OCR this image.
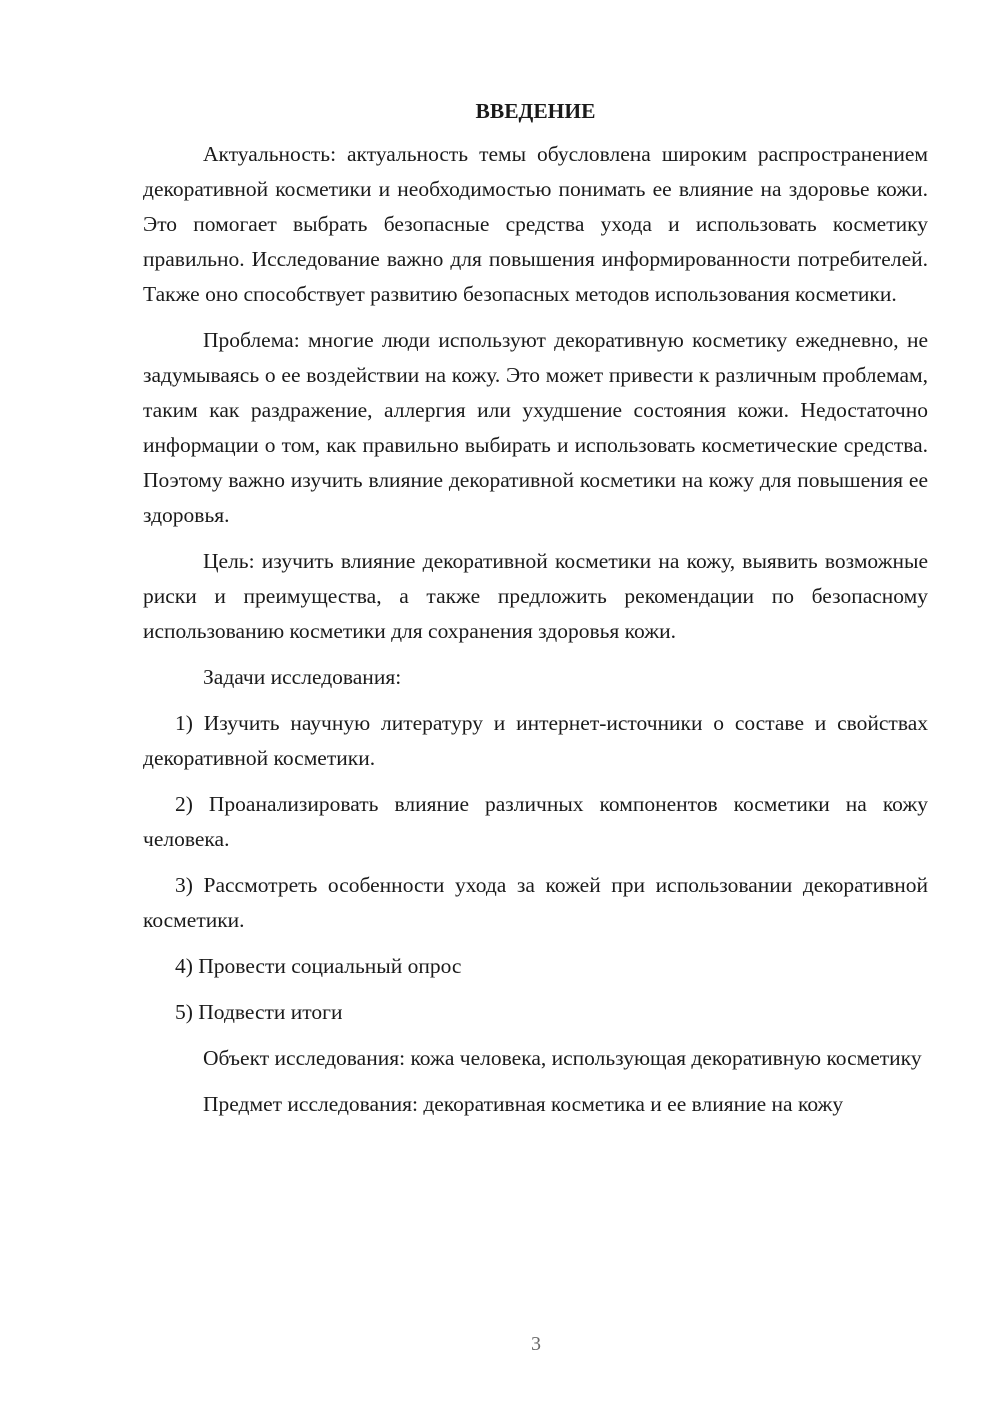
ВВЕДЕНИЕ

Актуальность: актуальность темы обусловлена широким распространением декоративной косметики и необходимостью понимать ее влияние на здоровье кожи. Это помогает выбрать безопасные средства ухода и использовать косметику правильно. Исследование важно для повышения информированности потребителей. Также оно способствует развитию безопасных методов использования косметики.

Проблема: многие люди используют декоративную косметику ежедневно, не задумываясь о ее воздействии на кожу. Это может привести к различным проблемам, таким как раздражение, аллергия или ухудшение состояния кожи. Недостаточно информации о том, как правильно выбирать и использовать косметические средства. Поэтому важно изучить влияние декоративной косметики на кожу для повышения ее здоровья.

Цель: изучить влияние декоративной косметики на кожу, выявить возможные риски и преимущества, а также предложить рекомендации по безопасному использованию косметики для сохранения здоровья кожи.

Задачи исследования:

1) Изучить научную литературу и интернет-источники о составе и свойствах декоративной косметики.

2) Проанализировать влияние различных компонентов косметики на кожу человека.

3) Рассмотреть особенности ухода за кожей при использовании декоративной косметики.

4) Провести социальный опрос

5) Подвести итоги

Объект исследования: кожа человека, использующая декоративную косметику

Предмет исследования: декоративная косметика и ее влияние на кожу

3
